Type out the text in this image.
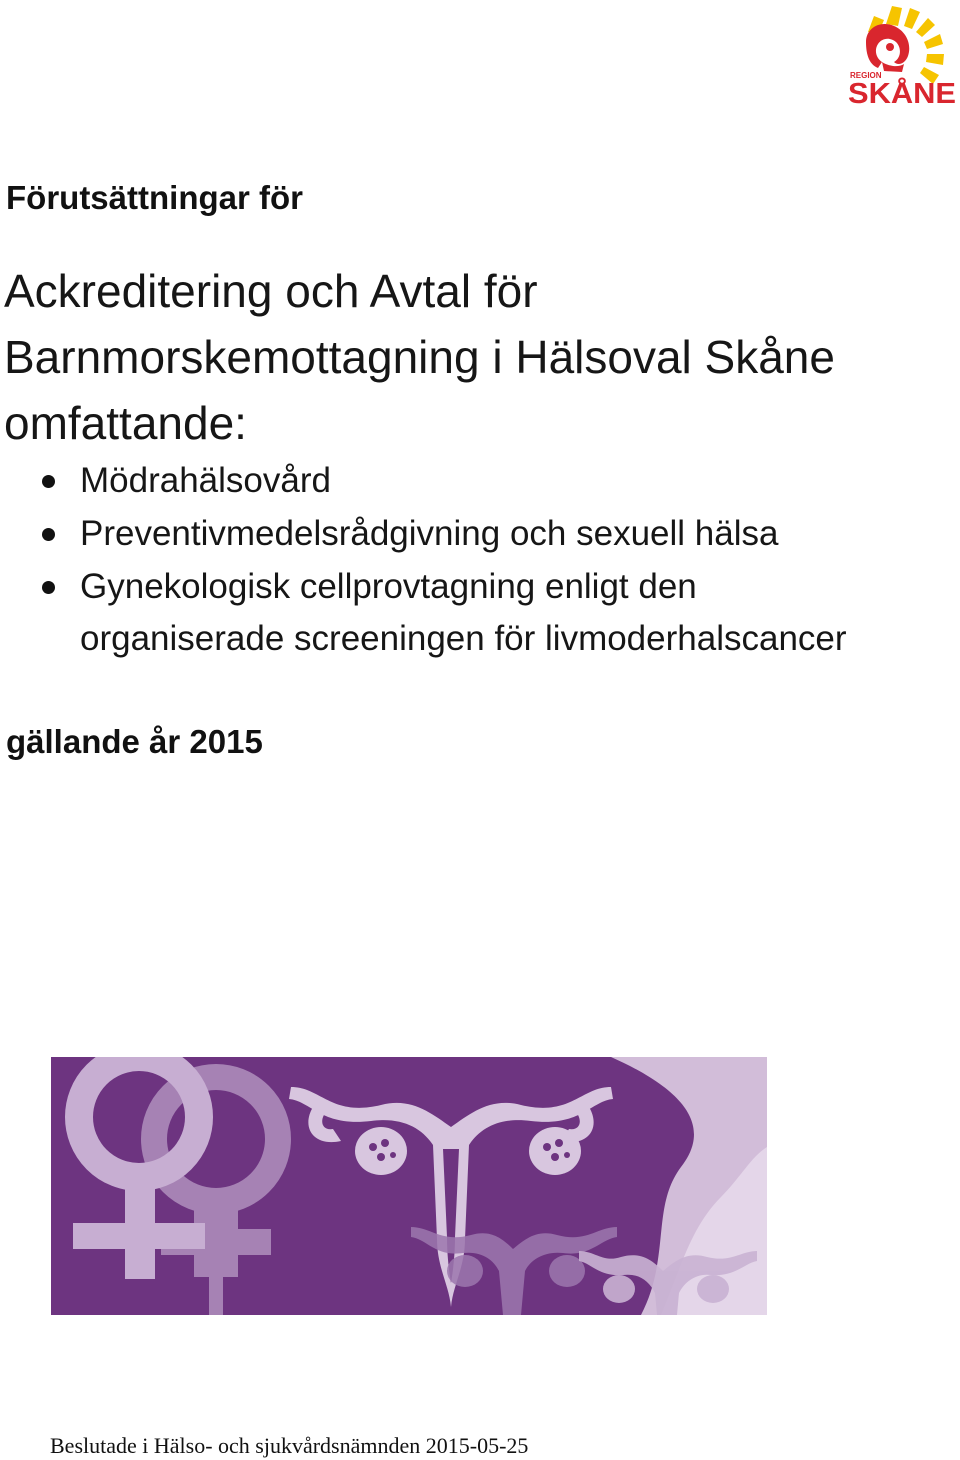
REGION
SKÅNE
Förutsättningar för
Ackreditering och Avtal för
Barnmorskemottagning i Hälsoval Skåne
omfattande:
Mödrahälsovård
Preventivmedelsrådgivning och sexuell hälsa
Gynekologisk cellprovtagning enligt den
organiserade screeningen för livmoderhalscancer
gällande år 2015
Beslutade i Hälso- och sjukvårdsnämnden 2015-05-25
